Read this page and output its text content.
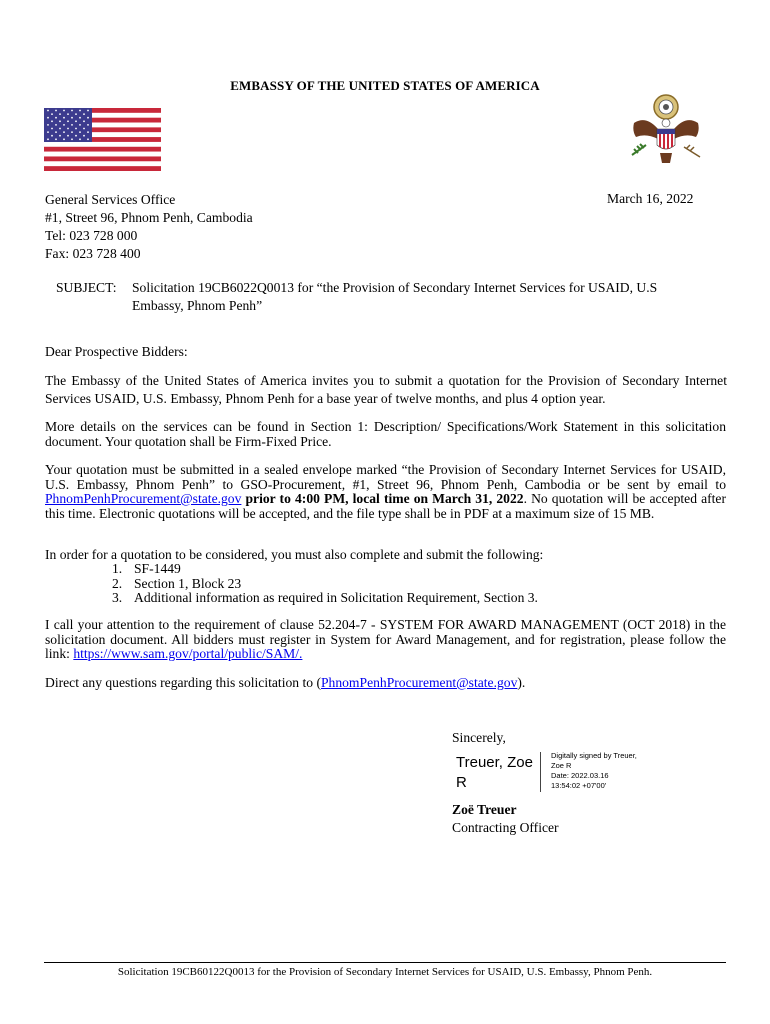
EMBASSY OF THE UNITED STATES OF AMERICA
General Services Office
#1, Street 96, Phnom Penh, Cambodia
Tel: 023 728 000
Fax: 023 728 400
March 16, 2022
SUBJECT: Solicitation 19CB6022Q0013 for “the Provision of Secondary Internet Services for USAID, U.S
Embassy, Phnom Penh”
Dear Prospective Bidders:
The Embassy of the United States of America invites you to submit a quotation for the Provision of Secondary Internet Services USAID, U.S. Embassy, Phnom Penh for a base year of twelve months, and plus 4 option year.
More details on the services can be found in Section 1: Description/ Specifications/Work Statement in this solicitation document. Your quotation shall be Firm-Fixed Price.
Your quotation must be submitted in a sealed envelope marked “the Provision of Secondary Internet Services for USAID, U.S. Embassy, Phnom Penh” to GSO-Procurement, #1, Street 96, Phnom Penh, Cambodia or be sent by email to PhnomPenhProcurement@state.gov prior to 4:00 PM, local time on March 31, 2022. No quotation will be accepted after this time. Electronic quotations will be accepted, and the file type shall be in PDF at a maximum size of 15 MB.
In order for a quotation to be considered, you must also complete and submit the following:
1. SF-1449
2. Section 1, Block 23
3. Additional information as required in Solicitation Requirement, Section 3.
I call your attention to the requirement of clause 52.204-7 - SYSTEM FOR AWARD MANAGEMENT (OCT 2018) in the solicitation document. All bidders must register in System for Award Management, and for registration, please follow the link: https://www.sam.gov/portal/public/SAM/.
Direct any questions regarding this solicitation to (PhnomPenhProcurement@state.gov).
Sincerely,
Treuer, Zoe
R
Digitally signed by Treuer,
Zoe R
Date: 2022.03.16
13:54:02 +07'00'
Zoë Treuer
Contracting Officer
Solicitation 19CB60122Q0013 for the Provision of Secondary Internet Services for USAID, U.S. Embassy, Phnom Penh.
